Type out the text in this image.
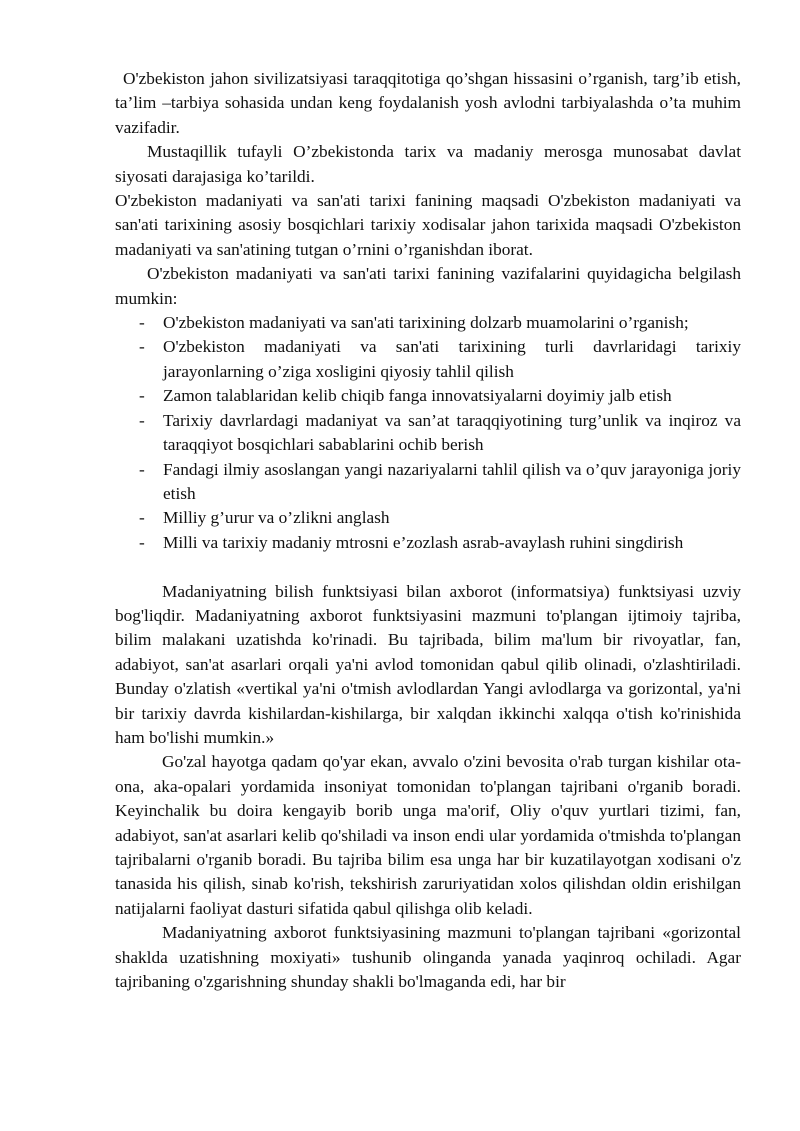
O'zbekiston jahon sivilizatsiyasi taraqqitotiga qo’shgan hissasini o’rganish, targ’ib etish, ta’lim –tarbiya sohasida undan keng foydalanish yosh avlodni tarbiyalashda o’ta muhim vazifadir.

Mustaqillik tufayli O’zbekistonda tarix va madaniy merosga munosabat davlat siyosati darajasiga ko’tarildi.

O'zbekiston madaniyati va san'ati tarixi fanining maqsadi O'zbekiston madaniyati va san'ati tarixining asosiy bosqichlari tarixiy xodisalar jahon tarixida maqsadi O'zbekiston madaniyati va san'atining tutgan o’rnini o’rganishdan iborat.

O'zbekiston madaniyati va san'ati tarixi fanining vazifalarini quyidagicha belgilash mumkin:

- O'zbekiston madaniyati va san'ati tarixining dolzarb muamolarini o’rganish;
- O'zbekiston madaniyati va san'ati tarixining turli davrlaridagi tarixiy jarayonlarning o’ziga xosligini qiyosiy tahlil qilish
- Zamon talablaridan kelib chiqib fanga innovatsiyalarni doyimiy jalb etish
- Tarixiy davrlardagi madaniyat va san’at taraqqiyotining turg’unlik va inqiroz va taraqqiyot bosqichlari sabablarini ochib berish
- Fandagi ilmiy asoslangan yangi nazariyalarni tahlil qilish va o’quv jarayoniga joriy etish
- Milliy g’urur va o’zlikni anglash
- Milli va tarixiy madaniy mtrosni e’zozlash asrab-avaylash ruhini singdirish

Madaniyatning bilish funktsiyasi bilan axborot (informatsiya) funktsiyasi uzviy bog'liqdir. Madaniyatning axborot funktsiyasini mazmuni to'plangan ijtimoiy tajriba, bilim malakani uzatishda ko'rinadi. Bu tajribada, bilim ma'lum bir rivoyatlar, fan, adabiyot, san'at asarlari orqali ya'ni avlod tomonidan qabul qilib olinadi, o'zlashtiriladi. Bunday o'zlatish «vertikal ya'ni o'tmish avlodlardan Yangi avlodlarga va gorizontal, ya'ni bir tarixiy davrda kishilardan-kishilarga, bir xalqdan ikkinchi xalqqa o'tish ko'rinishida ham bo'lishi mumkin.»

Go'zal hayotga qadam qo'yar ekan, avvalo o'zini bevosita o'rab turgan kishilar ota-ona, aka-opalari yordamida insoniyat tomonidan to'plangan tajribani o'rganib boradi. Keyinchalik bu doira kengayib borib unga ma'orif, Oliy o'quv yurtlari tizimi, fan, adabiyot, san'at asarlari kelib qo'shiladi va inson endi ular yordamida o'tmishda to'plangan tajribalarni o'rganib boradi. Bu tajriba bilim esa unga har bir kuzatilayotgan xodisani o'z tanasida his qilish, sinab ko'rish, tekshirish zaruriyatidan xolos qilishdan oldin erishilgan natijalarni faoliyat dasturi sifatida qabul qilishga olib keladi.

Madaniyatning axborot funktsiyasining mazmuni to'plangan tajribani «gorizontal shaklda uzatishning moxiyati» tushunib olinganda yanada yaqinroq ochiladi. Agar tajribaning o'zgarishning shunday shakli bo'lmaganda edi, har bir
